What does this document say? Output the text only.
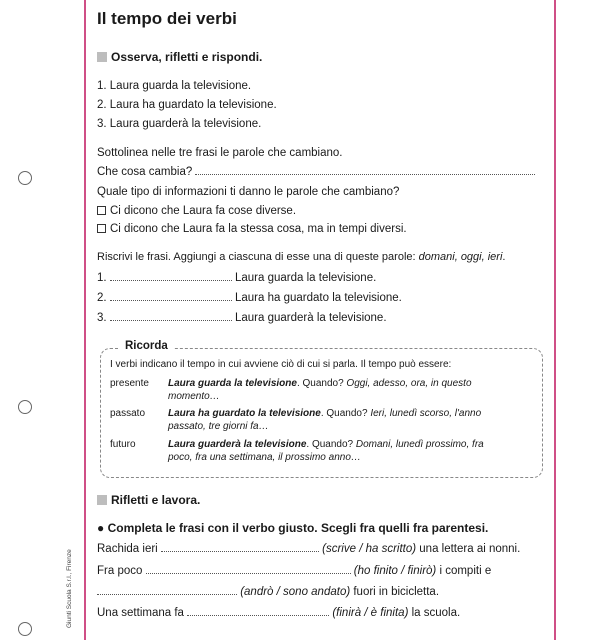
Giunti Scuola S.r.l., Firenze
Il tempo dei verbi
Osserva, rifletti e rispondi.
1. Laura guarda la televisione.
2. Laura ha guardato la televisione.
3. Laura guarderà la televisione.
Sottolinea nelle tre frasi le parole che cambiano.
Che cosa cambia?
Quale tipo di informazioni ti danno le parole che cambiano?
Ci dicono che Laura fa cose diverse.
Ci dicono che Laura fa la stessa cosa, ma in tempi diversi.
Riscrivi le frasi. Aggiungi a ciascuna di esse una di queste parole: domani, oggi, ieri.
1.	Laura guarda la televisione.
2.	Laura ha guardato la televisione.
3.	Laura guarderà la televisione.
Ricorda
I verbi indicano il tempo in cui avviene ciò di cui si parla. Il tempo può essere:
presente Laura guarda la televisione. Quando? Oggi, adesso, ora, in questo
momento…
passato Laura ha guardato la televisione. Quando? Ieri, lunedì scorso, l'anno
passato, tre giorni fa…
futuro	Laura guarderà la televisione. Quando? Domani, lunedì prossimo, fra
poco, fra una settimana, il prossimo anno…
Rifletti e lavora.
● Completa le frasi con il verbo giusto. Scegli fra quelli fra parentesi.
Rachida ieri	(scrive / ha scritto) una lettera ai nonni.
Fra poco	(ho finito / finirò) i compiti e
(andrò / sono andato) fuori in bicicletta.
Una settimana fa	(finirà / è finita) la scuola.
